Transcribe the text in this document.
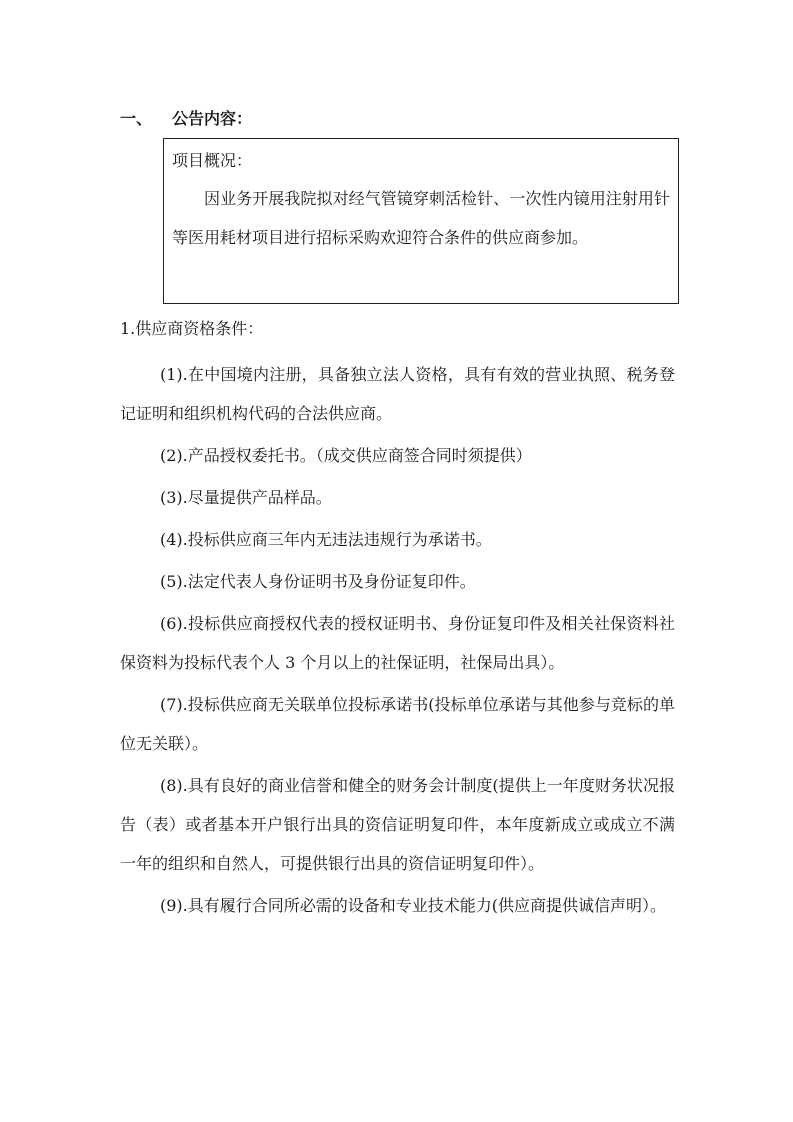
一、 公告内容：
项目概况：
因业务开展我院拟对经气管镜穿刺活检针、一次性内镜用注射用针等医用耗材项目进行招标采购欢迎符合条件的供应商参加。
1.供应商资格条件：
(1).在中国境内注册，具备独立法人资格，具有有效的营业执照、税务登记证明和组织机构代码的合法供应商。
(2).产品授权委托书。（成交供应商签合同时须提供）
(3).尽量提供产品样品。
(4).投标供应商三年内无违法违规行为承诺书。
(5).法定代表人身份证明书及身份证复印件。
(6).投标供应商授权代表的授权证明书、身份证复印件及相关社保资料社保资料为投标代表个人 3 个月以上的社保证明，社保局出具）。
(7).投标供应商无关联单位投标承诺书(投标单位承诺与其他参与竞标的单位无关联）。
(8).具有良好的商业信誉和健全的财务会计制度(提供上一年度财务状况报告（表）或者基本开户银行出具的资信证明复印件，本年度新成立或成立不满一年的组织和自然人，可提供银行出具的资信证明复印件）。
(9).具有履行合同所必需的设备和专业技术能力(供应商提供诚信声明）。
